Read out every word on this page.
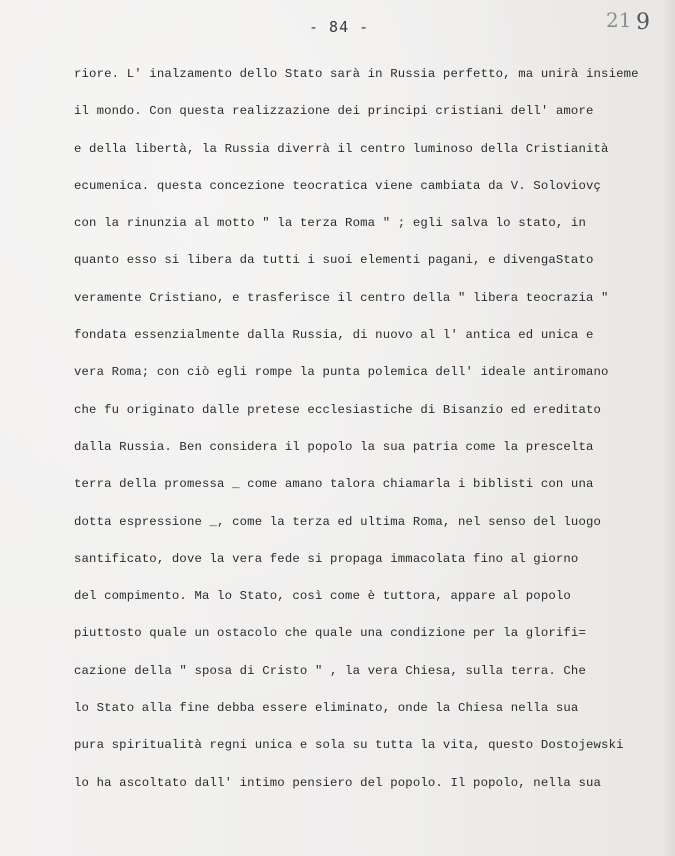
- 84 -	21 9
riore. L' inalzamento dello Stato sarà in Russia perfetto, ma unirà insieme
il mondo. Con questa realizzazione dei principi cristiani dell' amore
e della libertà, la Russia diverrà il centro luminoso della Cristianità
ecumenica. questa concezione teocratica viene cambiata da V. Soloviovç
con la rinunzia al motto " la terza Roma " ; egli salva lo stato, in
quanto esso si libera da tutti i suoi elementi pagani, e divengaStato
veramente Cristiano, e trasferisce il centro della " libera teocrazia "
fondata essenzialmente dalla Russia, di nuovo al l' antica ed unica e
vera Roma; con ciò egli rompe la punta polemica dell' ideale antiromano
che fu originato dalle pretese ecclesiastiche di Bisanzio ed ereditato
dalla Russia. Ben considera il popolo la sua patria come la prescelta
terra della promessa _ come amano talora chiamarla i biblisti con una
dotta espressione _, come la terza ed ultima Roma, nel senso del luogo
santificato, dove la vera fede si propaga immacolata fino al giorno
del compimento. Ma lo Stato, così come è tuttora, appare al popolo
piuttosto quale un ostacolo che quale una condizione per la glorifi=
cazione della " sposa di Cristo " , la vera Chiesa, sulla terra. Che
lo Stato alla fine debba essere eliminato, onde la Chiesa nella sua
pura spiritualità regni unica e sola su tutta la vita, questo Dostojewski
lo ha ascoltato dall' intimo pensiero del popolo. Il popolo, nella sua
